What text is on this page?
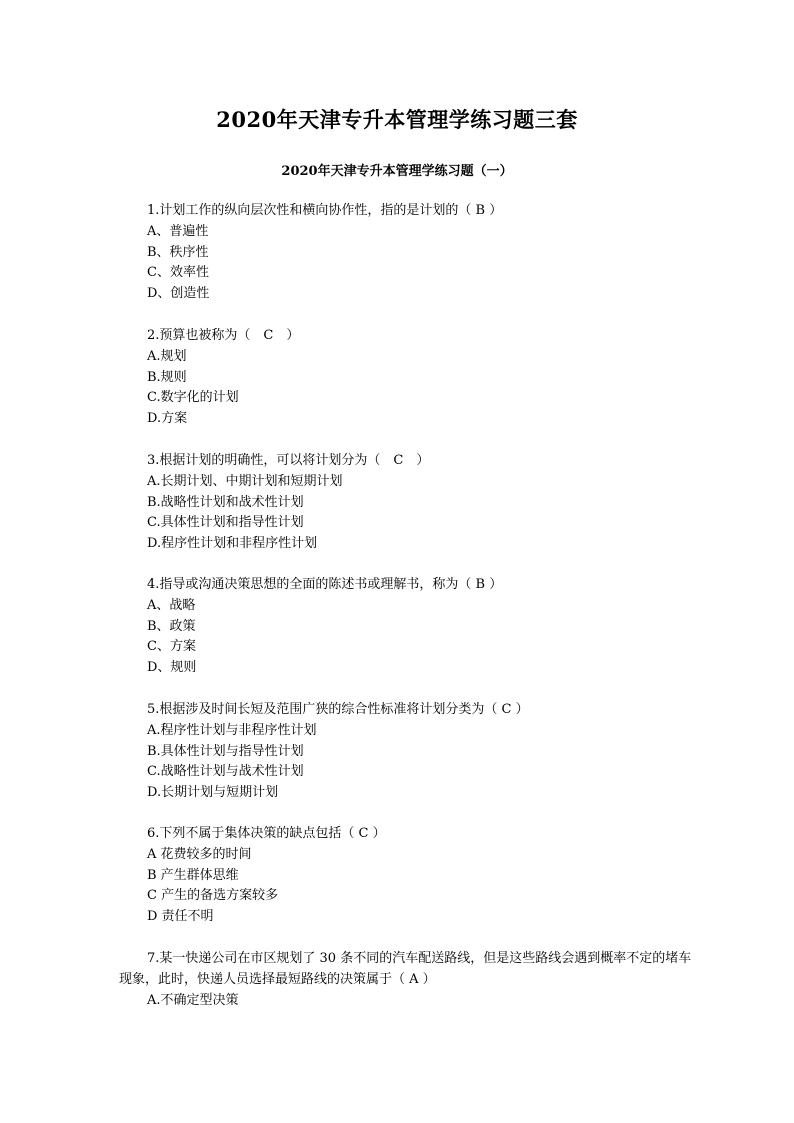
2020年天津专升本管理学练习题三套
2020年天津专升本管理学练习题（一）
1.计划工作的纵向层次性和横向协作性，指的是计划的（ B ）
A、普遍性
B、秩序性
C、效率性
D、创造性
2.预算也被称为（　C　）
A.规划
B.规则
C.数字化的计划
D.方案
3.根据计划的明确性，可以将计划分为（　C　）
A.长期计划、中期计划和短期计划
B.战略性计划和战术性计划
C.具体性计划和指导性计划
D.程序性计划和非程序性计划
4.指导或沟通决策思想的全面的陈述书或理解书，称为（ B ）
A、战略
B、政策
C、方案
D、规则
5.根据涉及时间长短及范围广狭的综合性标准将计划分类为（ C ）
A.程序性计划与非程序性计划
B.具体性计划与指导性计划
C.战略性计划与战术性计划
D.长期计划与短期计划
6.下列不属于集体决策的缺点包括（ C ）
A 花费较多的时间
B 产生群体思维
C 产生的备选方案较多
D 责任不明
7.某一快递公司在市区规划了 30 条不同的汽车配送路线，但是这些路线会遇到概率不定的堵车现象，此时，快递人员选择最短路线的决策属于（ A ）
A.不确定型决策
